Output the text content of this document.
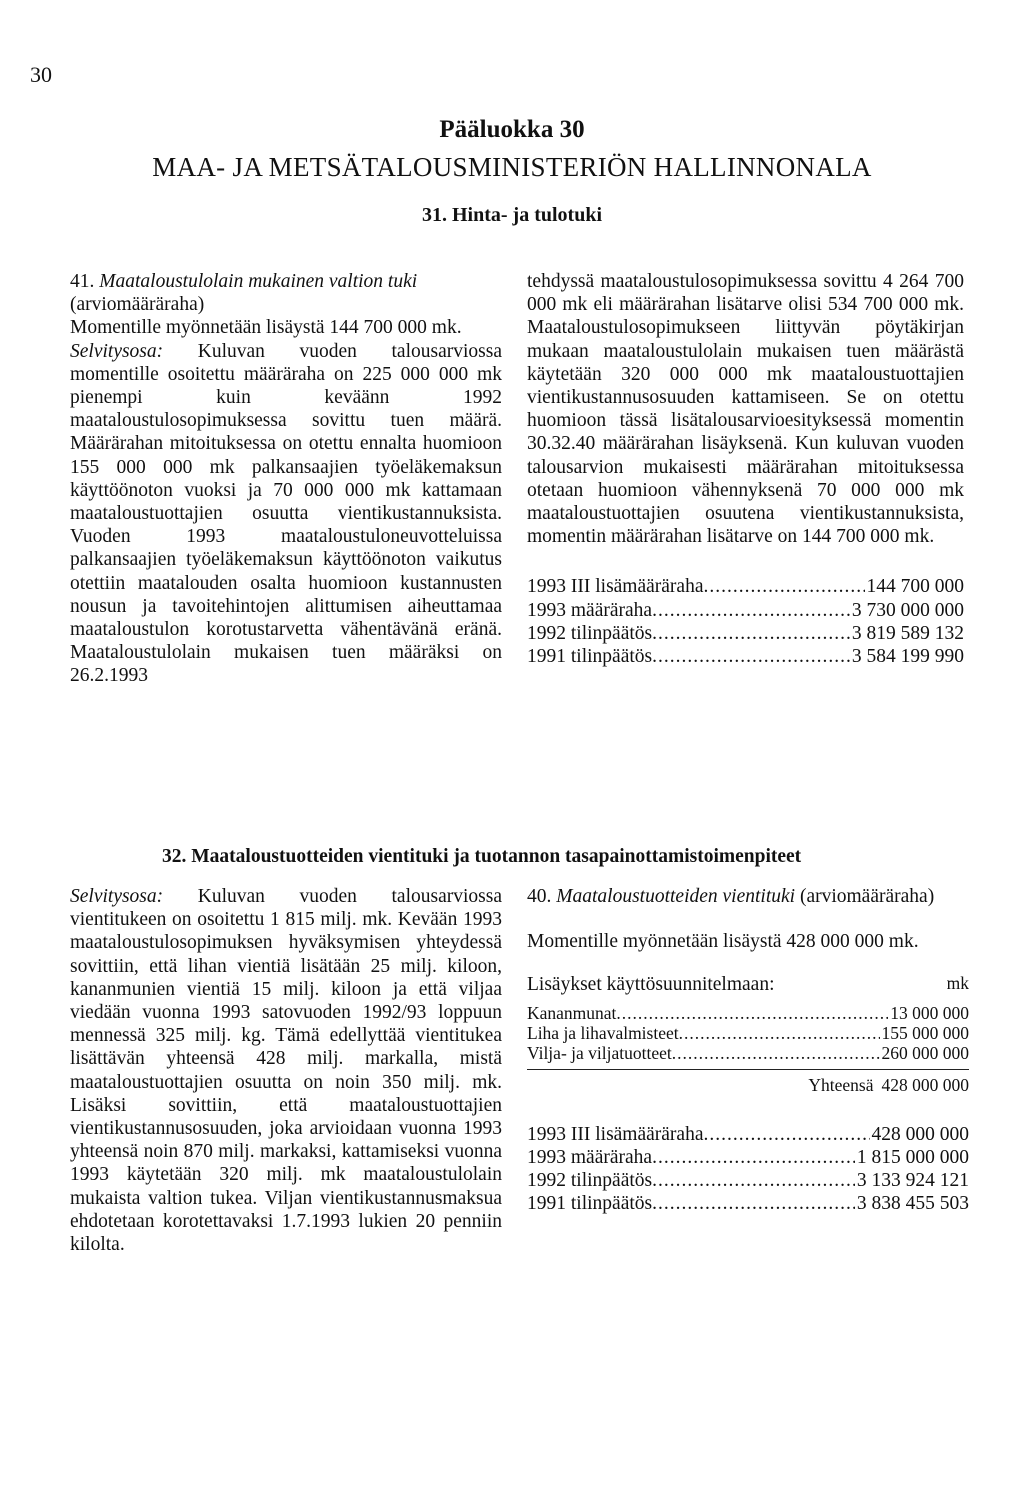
30
Pääluokka 30
MAA- JA METSÄTALOUSMINISTERIÖN HALLINNONALA
31. Hinta- ja tulotuki

41. Maataloustulolain mukainen valtion tuki

(arviomääräraha)

Momentille myönnetään lisäystä 144 700 000 mk.

Selvitysosa: Kuluvan vuoden talousarviossa momentille osoitettu määräraha on 225 000 000 mk pienempi kuin keväänn 1992 maataloustulosopimuksessa sovittu tuen määrä. Määrärahan mitoituksessa on otettu ennalta huomioon 155 000 000 mk palkansaajien työeläkemaksun käyttöönoton vuoksi ja 70 000 000 mk kattamaan maataloustuottajien osuutta vientikustannuksista. Vuoden 1993 maataloustuloneuvotteluissa palkansaajien työeläkemaksun käyttöönoton vaikutus otettiin maatalouden osalta huomioon kustannusten nousun ja tavoitehintojen alittumisen aiheuttamaa maataloustulon korotustarvetta vähentävänä eränä. Maataloustulolain mukaisen tuen määräksi on 26.2.1993

tehdyssä maataloustulosopimuksessa sovittu 4 264 700 000 mk eli määrärahan lisätarve olisi 534 700 000 mk. Maataloustulosopimukseen liittyvän pöytäkirjan mukaan maataloustulolain mukaisen tuen määrästä käytetään 320 000 000 mk maataloustuottajien vientikustannusosuuden kattamiseen. Se on otettu huomioon tässä lisätalousarvioesityksessä momentin 30.32.40 määrärahan lisäyksenä. Kun kuluvan vuoden talousarvion mukaisesti määrärahan mitoituksessa otetaan huomioon vähennyksenä 70 000 000 mk maataloustuottajien osuutena vientikustannuksista, momentin määrärahan lisätarve on 144 700 000 mk.

1993 III lisämääräraha .....	144 700 000
1993 määräraha .....	3 730 000 000
1992 tilinpäätös .....	3 819 589 132
1991 tilinpäätös .....	3 584 199 990
32. Maataloustuotteiden vientituki ja tuotannon tasapainottamistoimenpiteet

Selvitysosa: Kuluvan vuoden talousarviossa vientitukeen on osoitettu 1 815 milj. mk. Kevään 1993 maataloustulosopimuksen hyväksymisen yhteydessä sovittiin, että lihan vientiä lisätään 25 milj. kiloon, kananmunien vientiä 15 milj. kiloon ja että viljaa viedään vuonna 1993 satovuoden 1992/93 loppuun mennessä 325 milj. kg. Tämä edellyttää vientitukea lisättävän yhteensä 428 milj. markalla, mistä maataloustuottajien osuutta on noin 350 milj. mk. Lisäksi sovittiin, että maataloustuottajien vientikustannusosuuden, joka arvioidaan vuonna 1993 yhteensä noin 870 milj. markaksi, kattamiseksi vuonna 1993 käytetään 320 milj. mk maataloustulolain mukaista valtion tukea. Viljan vientikustannusmaksua ehdotetaan korotettavaksi 1.7.1993 lukien 20 penniin kilolta.

40. Maataloustuotteiden vientituki (arviomääräraha)

Momentille myönnetään lisäystä 428 000 000 mk.

Lisäykset käyttösuunnitelmaan:	mk
Kananmunat .....	13 000 000
Liha ja lihavalmisteet .....	155 000 000
Vilja- ja viljatuotteet .....	260 000 000
Yhteensä 428 000 000
1993 III lisämääräraha .....	428 000 000
1993 määräraha .....	1 815 000 000
1992 tilinpäätös .....	3 133 924 121
1991 tilinpäätös .....	3 838 455 503
